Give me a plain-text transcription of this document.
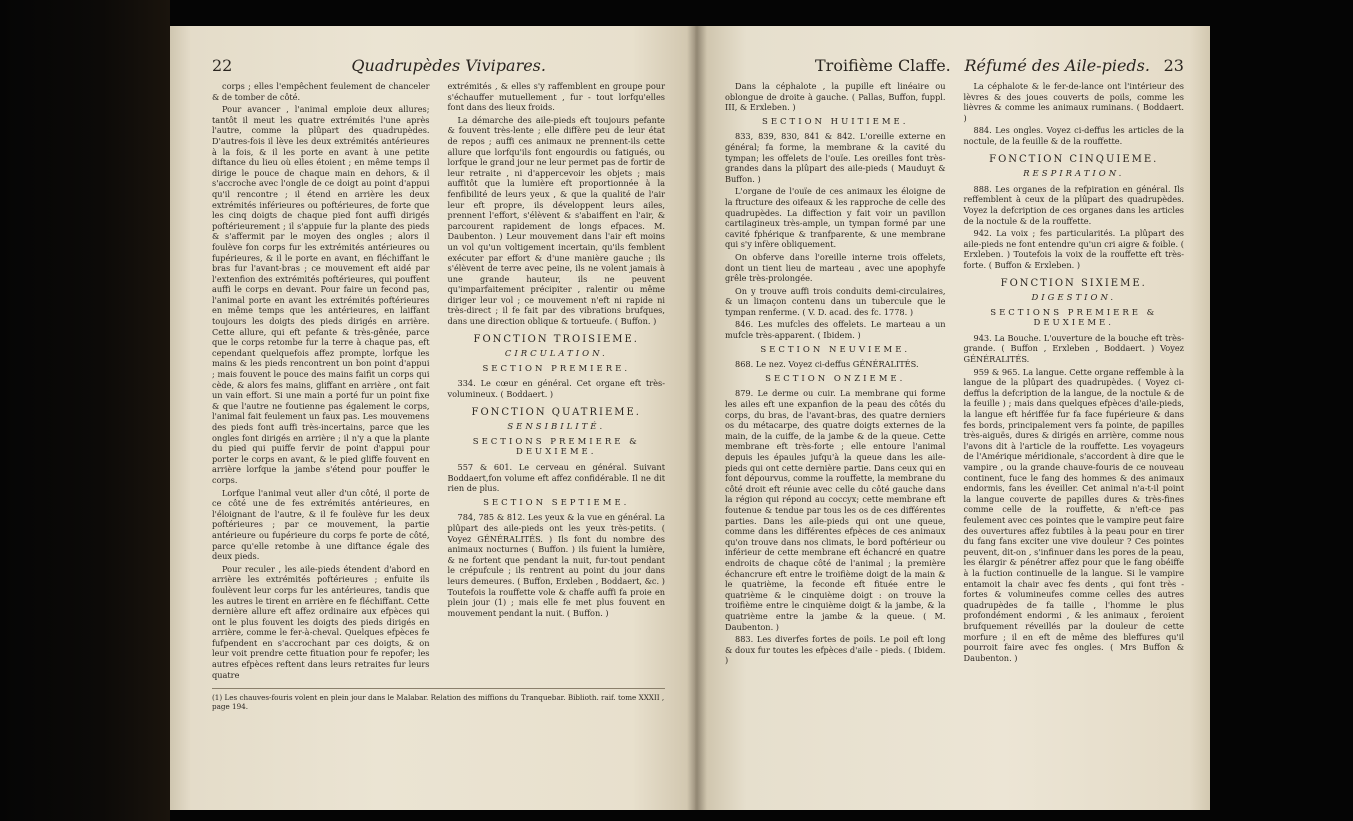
22	Quadrupèdes Vivipares.

corps ; elles l'empêchent feulement de chanceler & de tomber de côté.

Pour avancer , l'animal emploie deux allures; tantôt il meut les quatre extrémités l'une après l'autre, comme la plûpart des quadrupèdes. D'autres-fois il lève les deux extrémités antérieures à la fois, & il les porte en avant à une petite diftance du lieu où elles étoient ; en même temps il dirige le pouce de chaque main en dehors, & il s'accroche avec l'ongle de ce doigt au point d'appui qu'il rencontre ; il étend en arrière les deux extrémités inférieures ou poftérieures, de forte que les cinq doigts de chaque pied font auffi dirigés poftérieurement ; il s'appuie fur la plante des pieds & s'affermit par le moyen des ongles ; alors il foulève fon corps fur les extrémités antérieures ou fupérieures, & il le porte en avant, en fléchiffant le bras fur l'avant-bras ; ce mouvement eft aidé par l'extenfion des extrémités poftérieures, qui pouffent auffi le corps en devant. Pour faire un fecond pas, l'animal porte en avant les extrémités poftérieures en même temps que les antérieures, en laiffant toujours les doigts des pieds dirigés en arrière. Cette allure, qui eft pefante & très-gênée, parce que le corps retombe fur la terre à chaque pas, eft cependant quelquefois affez prompte, lorfque les mains & les pieds rencontrent un bon point d'appui ; mais fouvent le pouce des mains faifit un corps qui cède, & alors fes mains, gliffant en arrière , ont fait un vain effort. Si une main a porté fur un point fixe & que l'autre ne foutienne pas également le corps, l'animal fait feulement un faux pas. Les mouvemens des pieds font auffi très-incertains, parce que les ongles font dirigés en arrière ; il n'y a que la plante du pied qui puiffe fervir de point d'appui pour porter le corps en avant, & le pied gliffe fouvent en arrière lorfque la jambe s'étend pour pouffer le corps.

Lorfque l'animal veut aller d'un côté, il porte de ce côté une de fes extrémités antérieures, en l'éloignant de l'autre, & il fe foulève fur les deux poftérieures ; par ce mouvement, la partie antérieure ou fupérieure du corps fe porte de côté, parce qu'elle retombe à une diftance égale des deux pieds.

Pour reculer , les aile-pieds étendent d'abord en arrière les extrémités poftérieures ; enfuite ils foulèvent leur corps fur les antérieures, tandis que les autres le tirent en arrière en fe fléchiffant. Cette dernière allure eft affez ordinaire aux efpèces qui ont le plus fouvent les doigts des pieds dirigés en arrière, comme le fer-à-cheval. Quelques efpèces fe fufpendent en s'accrochant par ces doigts, & on leur voit prendre cette fituation pour fe repofer; les autres efpèces reftent dans leurs retraites fur leurs quatre

extrémités , & elles s'y raffemblent en groupe pour s'échauffer mutuellement , fur - tout lorfqu'elles font dans des lieux froids.

La démarche des aile-pieds eft toujours pefante & fouvent très-lente ; elle diffère peu de leur état de repos ; auffi ces animaux ne prennent-ils cette allure que lorfqu'ils font engourdis ou fatigués, ou lorfque le grand jour ne leur permet pas de fortir de leur retraite , ni d'appercevoir les objets ; mais auffitôt que la lumière eft proportionnée à la fenfibilité de leurs yeux , & que la qualité de l'air leur eft propre, ils développent leurs ailes, prennent l'effort, s'élèvent & s'abaiffent en l'air, & parcourent rapidement de longs efpaces. M. Daubenton. ) Leur mouvement dans l'air eft moins un vol qu'un voltigement incertain, qu'ils femblent exécuter par effort & d'une manière gauche ; ils s'élèvent de terre avec peine, ils ne volent jamais à une grande hauteur, ils ne peuvent qu'imparfaitement précipiter , ralentir ou même diriger leur vol ; ce mouvement n'eft ni rapide ni très-direct ; il fe fait par des vibrations brufques, dans une direction oblique & tortueufe. ( Buffon. )

FONCTION TROISIEME.
CIRCULATION.
SECTION PREMIERE.

334. Le cœur en général. Cet organe eft très-volumineux. ( Boddaert. )

FONCTION QUATRIEME.
SENSIBILITÉ.
SECTIONS PREMIERE & DEUXIEME.

557 & 601. Le cerveau en général. Suivant Boddaert,fon volume eft affez confidérable. Il ne dit rien de plus.

SECTION SEPTIEME.

784, 785 & 812. Les yeux & la vue en général. La plûpart des aile-pieds ont les yeux très-petits. ( Voyez GÉNÉRALITÉS. ) Ils font du nombre des animaux nocturnes ( Buffon. ) ils fuient la lumière, & ne fortent que pendant la nuit, fur-tout pendant le crépufcule ; ils rentrent au point du jour dans leurs demeures. ( Buffon, Erxleben , Boddaert, &c. ) Toutefois la rouffette vole & chaffe auffi fa proie en plein jour (1) ; mais elle fe met plus fouvent en mouvement pendant la nuit. ( Buffon. )

(1) Les chauves-fouris volent en plein jour dans le Malabar. Relation des miffions du Tranquebar. Biblioth. raif. tome XXXII , page 194.
Troifième Claffe. Réfumé des Aile-pieds. 23

Dans la céphalote , la pupille eft linéaire ou oblongue de droite à gauche. ( Pallas, Buffon, fuppl. III, & Erxleben. )

SECTION HUITIEME.

833, 839, 830, 841 & 842. L'oreille externe en général; fa forme, la membrane & la cavité du tympan; les offelets de l'ouïe. Les oreilles font très-grandes dans la plûpart des aile-pieds ( Mauduyt & Buffon. )

L'organe de l'ouïe de ces animaux les éloigne de la ftructure des oifeaux & les rapproche de celle des quadrupèdes. La diffection y fait voir un pavillon cartilagineux très-ample, un tympan formé par une cavité fphérique & tranfparente, & une membrane qui s'y infère obliquement.

On obferve dans l'oreille interne trois offelets, dont un tient lieu de marteau , avec une apophyfe grêle très-prolongée.

On y trouve auffi trois conduits demi-circulaires, & un limaçon contenu dans un tubercule que le tympan renferme. ( V. D. acad. des fc. 1778. )

846. Les mufcles des offelets. Le marteau a un mufcle très-apparent. ( Ibidem. )

SECTION NEUVIEME.

868. Le nez. Voyez ci-deffus GÉNÉRALITÉS.

SECTION ONZIEME.

879. Le derme ou cuir. La membrane qui forme les ailes eft une expanfion de la peau des côtés du corps, du bras, de l'avant-bras, des quatre derniers os du métacarpe, des quatre doigts externes de la main, de la cuiffe, de la jambe & de la queue. Cette membrane eft très-forte ; elle entoure l'animal depuis les épaules jufqu'à la queue dans les aile-pieds qui ont cette dernière partie. Dans ceux qui en font dépourvus, comme la rouffette, la membrane du côté droit eft réunie avec celle du côté gauche dans la région qui répond au coccyx; cette membrane eft foutenue & tendue par tous les os de ces différentes parties. Dans les aile-pieds qui ont une queue, comme dans les différentes efpèces de ces animaux qu'on trouve dans nos climats, le bord poftérieur ou inférieur de cette membrane eft échancré en quatre endroits de chaque côté de l'animal ; la première échancrure eft entre le troifième doigt de la main & le quatrième, la feconde eft fituée entre le quatrième & le cinquième doigt : on trouve la troifième entre le cinquième doigt & la jambe, & la quatrième entre la jambe & la queue. ( M. Daubenton. )

883. Les diverfes fortes de poils. Le poil eft long & doux fur toutes les efpèces d'aile - pieds. ( Ibidem. )

La céphalote & le fer-de-lance ont l'intérieur des lèvres & des joues couverts de poils, comme les lièvres & comme les animaux ruminans. ( Boddaert. )

884. Les ongles. Voyez ci-deffus les articles de la noctule, de la feuille & de la rouffette.

FONCTION CINQUIEME.
RESPIRATION.

888. Les organes de la refpiration en général. Ils reffemblent à ceux de la plûpart des quadrupèdes. Voyez la defcription de ces organes dans les articles de la noctule & de la rouffette.

942. La voix ; fes particularités. La plûpart des aile-pieds ne font entendre qu'un cri aigre & foible. ( Erxleben. ) Toutefois la voix de la rouffette eft très-forte. ( Buffon & Erxleben. )

FONCTION SIXIEME.
DIGESTION.
SECTIONS PREMIERE & DEUXIEME.

943. La Bouche. L'ouverture de la bouche eft très-grande. ( Buffon , Erxleben , Boddaert. ) Voyez GÉNÉRALITÉS.

959 & 965. La langue. Cette organe reffemble à la langue de la plûpart des quadrupèdes. ( Voyez ci-deffus la defcription de la langue, de la noctule & de la feuille ) ; mais dans quelques efpèces d'aile-pieds, la langue eft hériffée fur fa face fupérieure & dans fes bords, principalement vers fa pointe, de papilles très-aiguës, dures & dirigés en arrière, comme nous l'avons dit à l'article de la rouffette. Les voyageurs de l'Amérique méridionale, s'accordent à dire que le vampire , ou la grande chauve-fouris de ce nouveau continent, fuce le fang des hommes & des animaux endormis, fans les éveiller. Cet animal n'a-t-il point la langue couverte de papilles dures & très-fines comme celle de la rouffette, & n'eft-ce pas feulement avec ces pointes que le vampire peut faire des ouvertures affez fubtiles à la peau pour en tirer du fang fans exciter une vive douleur ? Ces pointes peuvent, dit-on , s'infinuer dans les pores de la peau, les élargir & pénétrer affez pour que le fang obéiffe à la fuction continuelle de la langue. Si le vampire entamoit la chair avec fes dents , qui font très - fortes & volumineufes comme celles des autres quadrupèdes de fa taille , l'homme le plus profondément endormi , & les animaux , feroient brufquement réveillés par la douleur de cette morfure ; il en eft de même des bleffures qu'il pourroit faire avec fes ongles. ( Mrs Buffon & Daubenton. )
